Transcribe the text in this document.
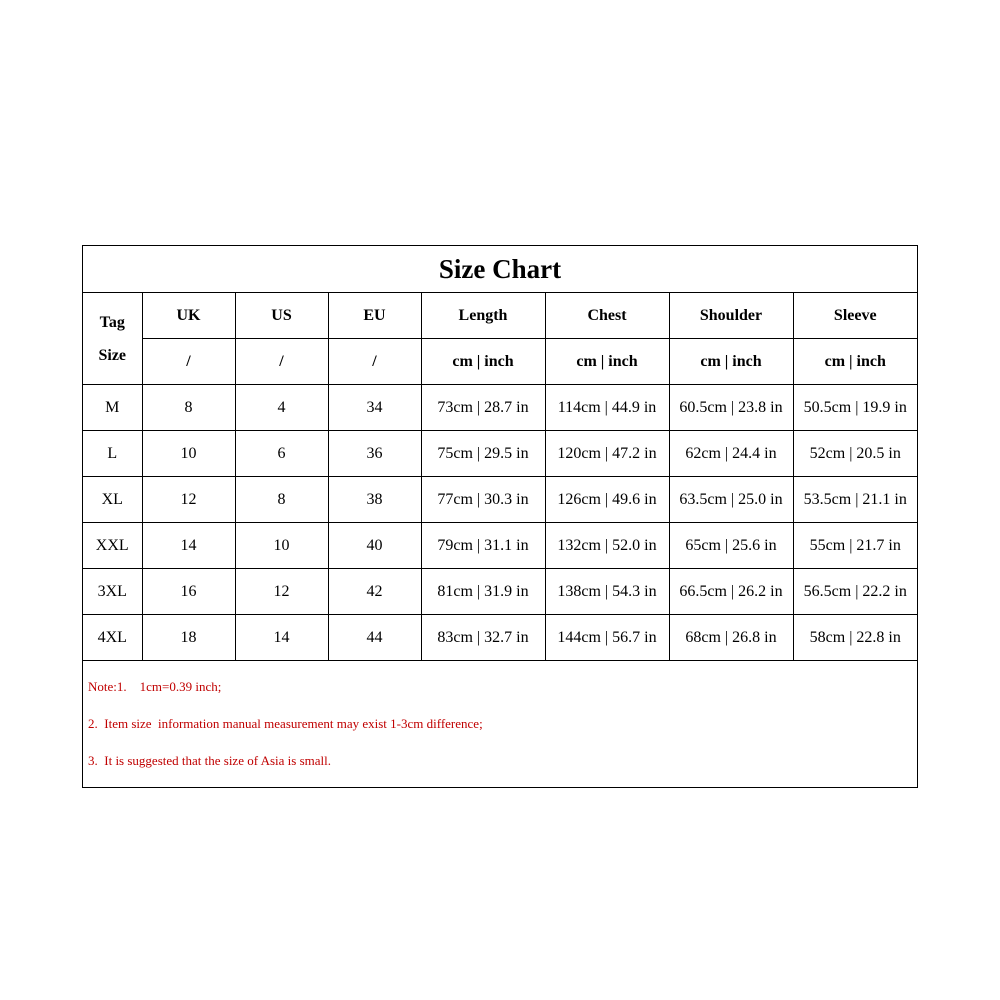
Size Chart
Tag
Size	UK	US	EU	Length	Chest	Shoulder	Sleeve
	/	/	/	cm | inch	cm | inch	cm | inch	cm | inch
M	8	4	34	73cm | 28.7 in	114cm | 44.9 in	60.5cm | 23.8 in	50.5cm | 19.9 in
L	10	6	36	75cm | 29.5 in	120cm | 47.2 in	62cm | 24.4 in	52cm | 20.5 in
XL	12	8	38	77cm | 30.3 in	126cm | 49.6 in	63.5cm | 25.0 in	53.5cm | 21.1 in
XXL	14	10	40	79cm | 31.1 in	132cm | 52.0 in	65cm | 25.6 in	55cm | 21.7 in
3XL	16	12	42	81cm | 31.9 in	138cm | 54.3 in	66.5cm | 26.2 in	56.5cm | 22.2 in
4XL	18	14	44	83cm | 32.7 in	144cm | 56.7 in	68cm | 26.8 in	58cm | 22.8 in
Note:1.    1cm=0.39 inch;
2.  Item size  information manual measurement may exist 1-3cm difference;
3.  It is suggested that the size of Asia is small.
